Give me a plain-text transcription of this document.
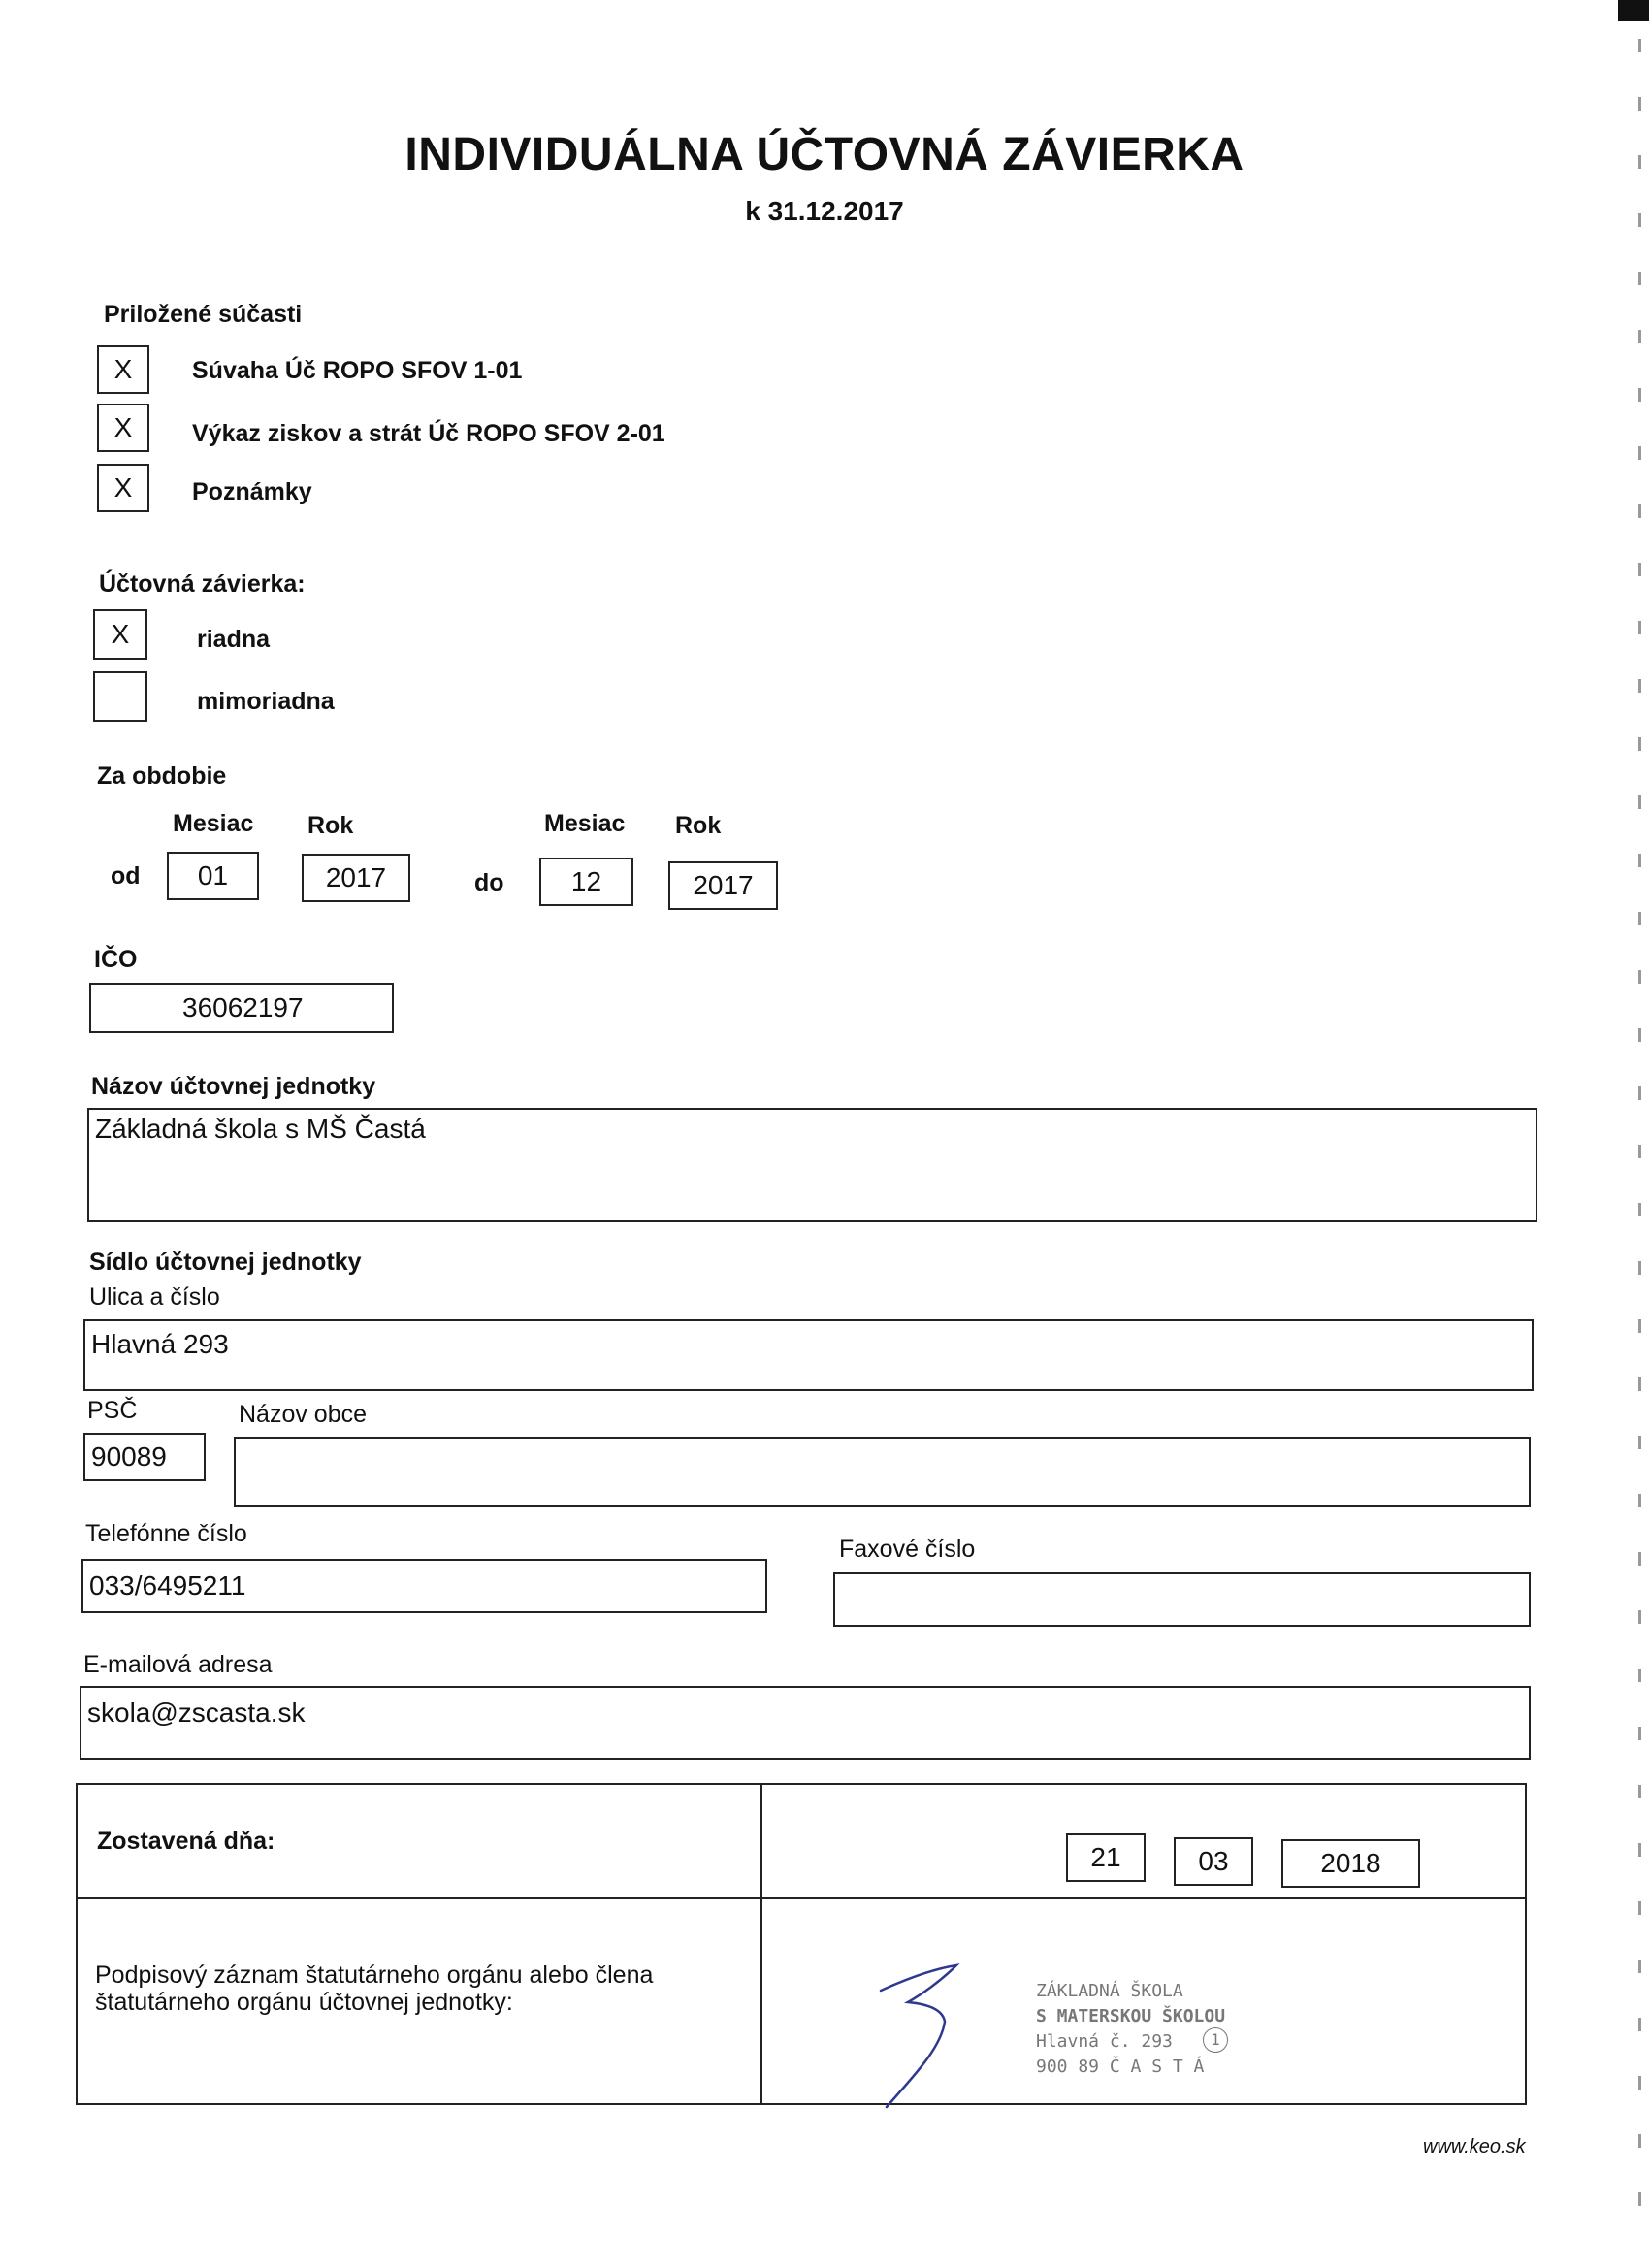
INDIVIDUÁLNA ÚČTOVNÁ ZÁVIERKA
k 31.12.2017
Priložené súčasti
X	Súvaha Úč ROPO SFOV 1-01
X	Výkaz ziskov a strát Úč ROPO SFOV 2-01
X	Poznámky
Účtovná závierka:
X	riadna
mimoriadna
Za obdobie
Mesiac Rok	Mesiac Rok
od	01	2017	do	12	2017
IČO
36062197
Názov účtovnej jednotky
Základná škola s MŠ Častá
Sídlo účtovnej jednotky
Ulica a číslo
Hlavná 293
PSČ	Názov obce
90089
Telefónne číslo
033/6495211
Faxové číslo
E-mailová adresa
skola@zscasta.sk
Zostavená dňa:
21	03	2018
Podpisový záznam štatutárneho orgánu alebo člena štatutárneho orgánu účtovnej jednotky:	ZÁKLADNÁ ŠKOLA
S MATERSKOU ŠKOLOU
Hlavná č. 293
900 89 Č A S T Á
1
www.keo.sk
